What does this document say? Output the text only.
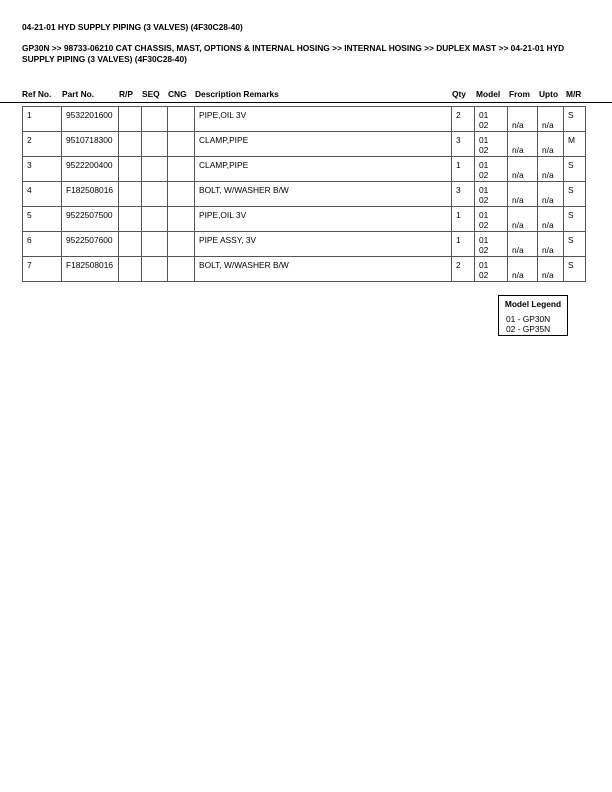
04-21-01 HYD SUPPLY PIPING (3 VALVES) (4F30C28-40)
GP30N >> 98733-06210 CAT CHASSIS, MAST, OPTIONS & INTERNAL HOSING >> INTERNAL HOSING >> DUPLEX MAST >> 04-21-01 HYD SUPPLY PIPING (3 VALVES) (4F30C28-40)
Ref No. Part No.	R/P SEQ CNG Description Remarks	Qty Model From Upto M/R
1	9532201600				PIPE,OIL 3V	2	01
02	n/a	n/a	S

2	9510718300				CLAMP,PIPE	3	01
02	n/a	n/a	M

3	9522200400				CLAMP,PIPE	1	01
02	n/a	n/a	S

4	F182508016				BOLT, W/WASHER B/W	3	01
02	n/a	n/a	S

5	9522507500				PIPE,OIL 3V	1	01
02	n/a	n/a	S

6	9522507600				PIPE ASSY, 3V	1	01
02	n/a	n/a	S

7	F182508016				BOLT, W/WASHER B/W	2	01
02	n/a	n/a	S
Model Legend
01 - GP30N
02 - GP35N
